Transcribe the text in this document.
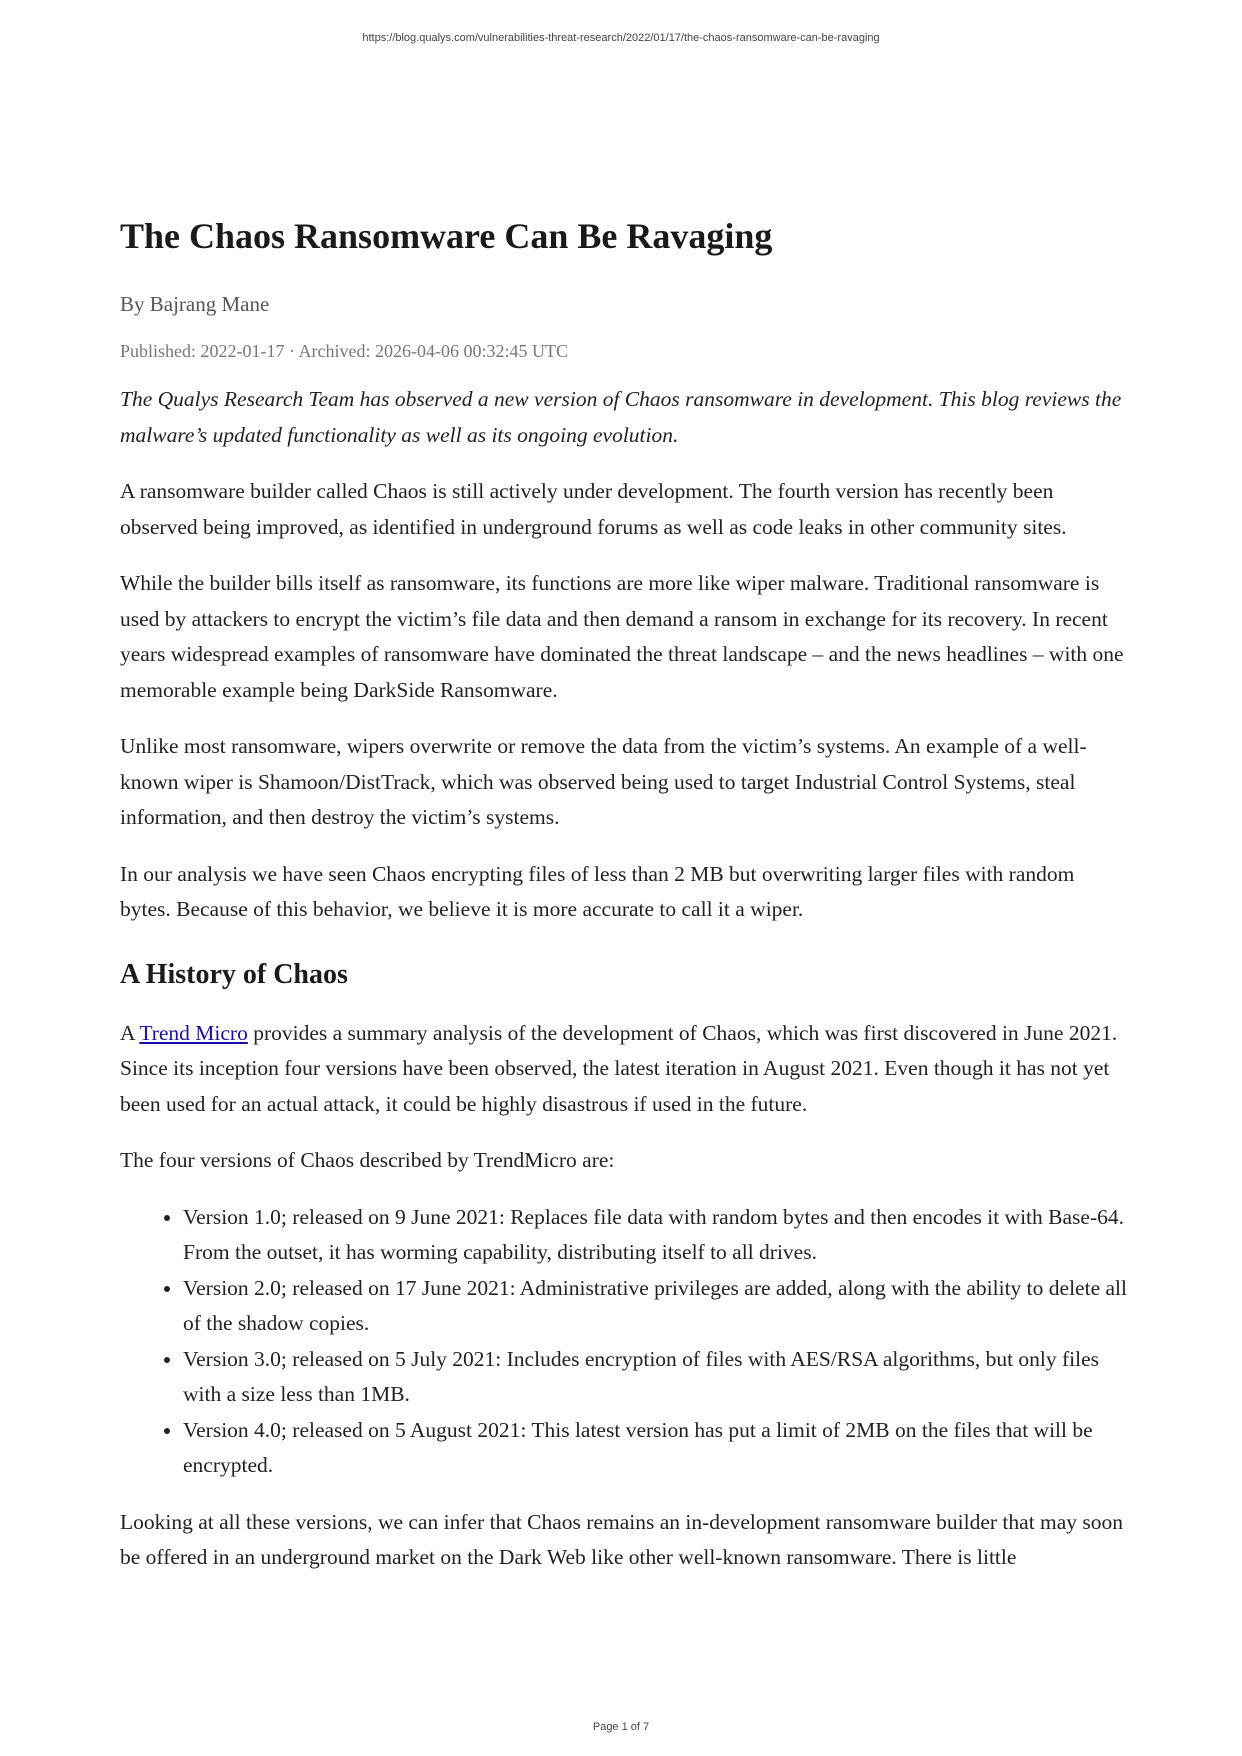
https://blog.qualys.com/vulnerabilities-threat-research/2022/01/17/the-chaos-ransomware-can-be-ravaging
The Chaos Ransomware Can Be Ravaging
By Bajrang Mane
Published: 2022-01-17 · Archived: 2026-04-06 00:32:45 UTC

The Qualys Research Team has observed a new version of Chaos ransomware in development. This blog reviews the malware’s updated functionality as well as its ongoing evolution.

A ransomware builder called Chaos is still actively under development. The fourth version has recently been observed being improved, as identified in underground forums as well as code leaks in other community sites.

While the builder bills itself as ransomware, its functions are more like wiper malware. Traditional ransomware is used by attackers to encrypt the victim’s file data and then demand a ransom in exchange for its recovery. In recent years widespread examples of ransomware have dominated the threat landscape – and the news headlines – with one memorable example being DarkSide Ransomware.

Unlike most ransomware, wipers overwrite or remove the data from the victim’s systems. An example of a well-known wiper is Shamoon/DistTrack, which was observed being used to target Industrial Control Systems, steal information, and then destroy the victim’s systems.

In our analysis we have seen Chaos encrypting files of less than 2 MB but overwriting larger files with random bytes. Because of this behavior, we believe it is more accurate to call it a wiper.

A History of Chaos

A Trend Micro provides a summary analysis of the development of Chaos, which was first discovered in June 2021. Since its inception four versions have been observed, the latest iteration in August 2021. Even though it has not yet been used for an actual attack, it could be highly disastrous if used in the future.

The four versions of Chaos described by TrendMicro are:

• Version 1.0; released on 9 June 2021: Replaces file data with random bytes and then encodes it with Base-64. From the outset, it has worming capability, distributing itself to all drives.
• Version 2.0; released on 17 June 2021: Administrative privileges are added, along with the ability to delete all of the shadow copies.
• Version 3.0; released on 5 July 2021: Includes encryption of files with AES/RSA algorithms, but only files with a size less than 1MB.
• Version 4.0; released on 5 August 2021: This latest version has put a limit of 2MB on the files that will be encrypted.

Looking at all these versions, we can infer that Chaos remains an in-development ransomware builder that may soon be offered in an underground market on the Dark Web like other well-known ransomware. There is little

Page 1 of 7
